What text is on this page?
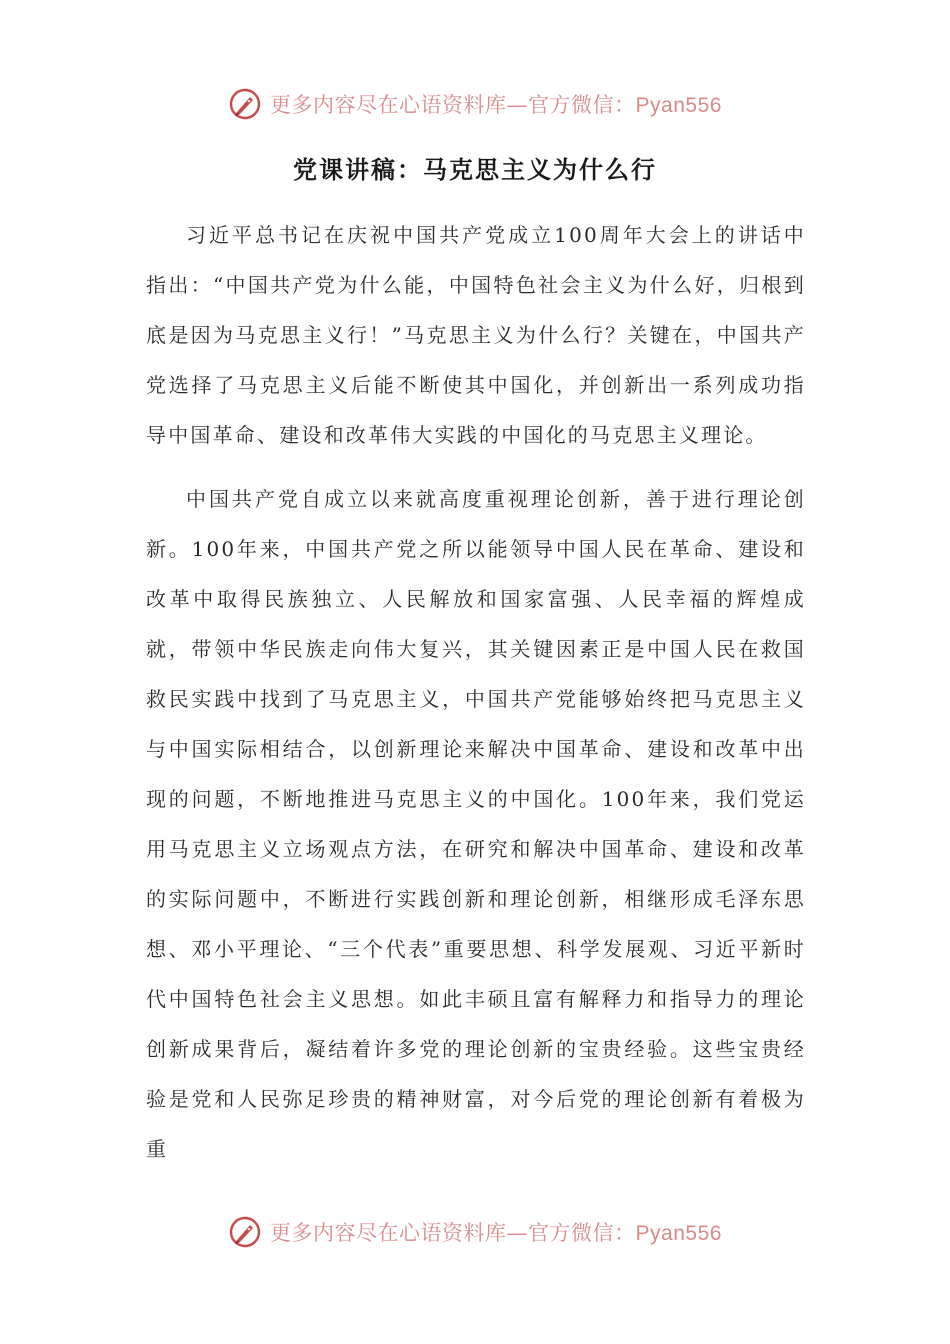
更多内容尽在心语资料库—官方微信：Pyan556
党课讲稿：马克思主义为什么行

习近平总书记在庆祝中国共产党成立100周年大会上的讲话中指出：“中国共产党为什么能，中国特色社会主义为什么好，归根到底是因为马克思主义行！”马克思主义为什么行？关键在，中国共产党选择了马克思主义后能不断使其中国化，并创新出一系列成功指导中国革命、建设和改革伟大实践的中国化的马克思主义理论。

中国共产党自成立以来就高度重视理论创新，善于进行理论创新。100年来，中国共产党之所以能领导中国人民在革命、建设和改革中取得民族独立、人民解放和国家富强、人民幸福的辉煌成就，带领中华民族走向伟大复兴，其关键因素正是中国人民在救国救民实践中找到了马克思主义，中国共产党能够始终把马克思主义与中国实际相结合，以创新理论来解决中国革命、建设和改革中出现的问题，不断地推进马克思主义的中国化。100年来，我们党运用马克思主义立场观点方法，在研究和解决中国革命、建设和改革的实际问题中，不断进行实践创新和理论创新，相继形成毛泽东思想、邓小平理论、“三个代表”重要思想、科学发展观、习近平新时代中国特色社会主义思想。如此丰硕且富有解释力和指导力的理论创新成果背后，凝结着许多党的理论创新的宝贵经验。这些宝贵经验是党和人民弥足珍贵的精神财富，对今后党的理论创新有着极为重

更多内容尽在心语资料库—官方微信：Pyan556
